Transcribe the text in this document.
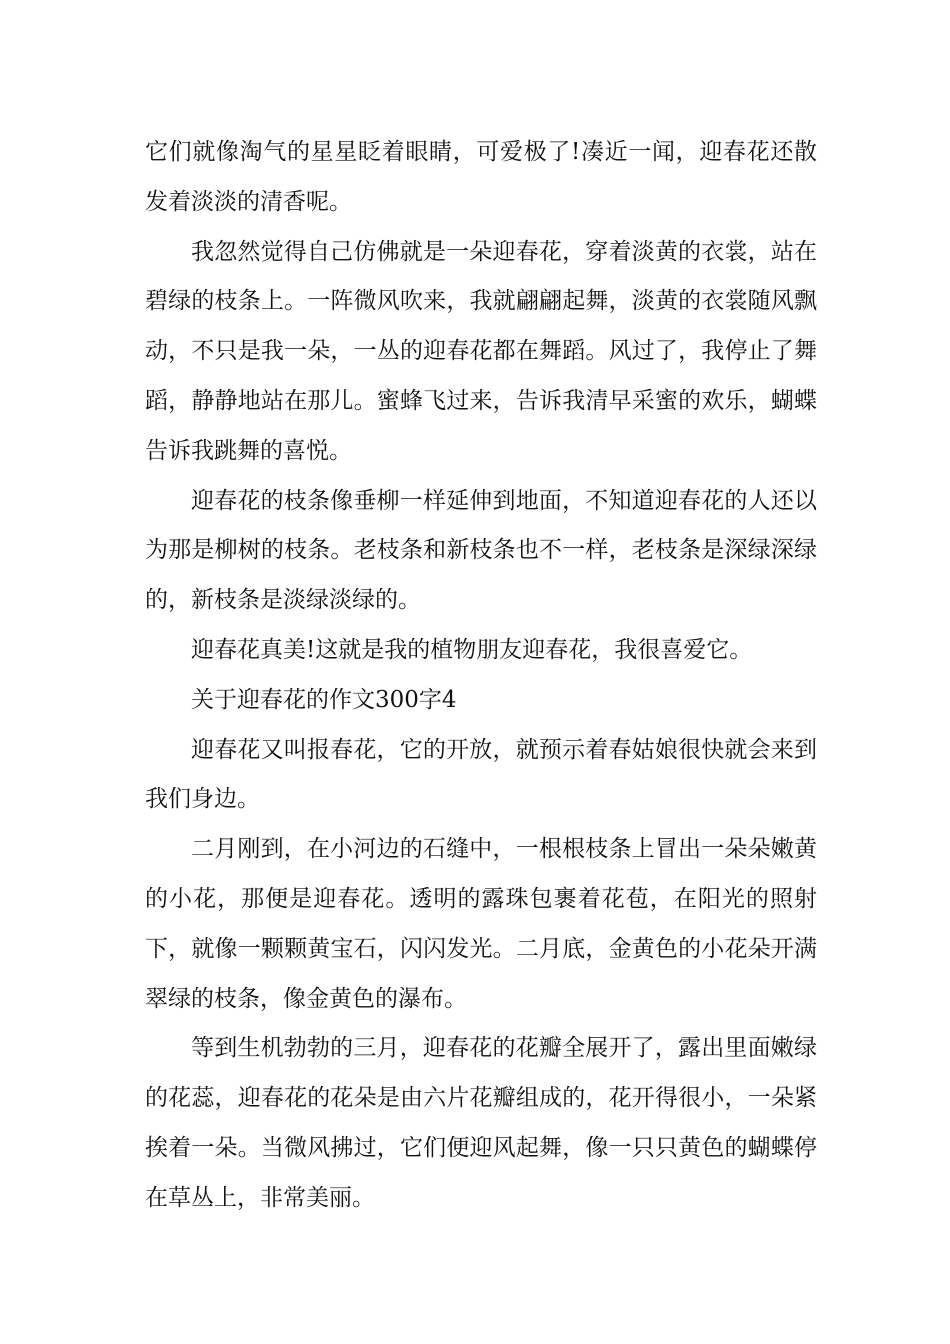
它们就像淘气的星星眨着眼睛，可爱极了!凑近一闻，迎春花还散发着淡淡的清香呢。

我忽然觉得自己仿佛就是一朵迎春花，穿着淡黄的衣裳，站在碧绿的枝条上。一阵微风吹来，我就翩翩起舞，淡黄的衣裳随风飘动，不只是我一朵，一丛的迎春花都在舞蹈。风过了，我停止了舞蹈，静静地站在那儿。蜜蜂飞过来，告诉我清早采蜜的欢乐，蝴蝶告诉我跳舞的喜悦。

迎春花的枝条像垂柳一样延伸到地面，不知道迎春花的人还以为那是柳树的枝条。老枝条和新枝条也不一样，老枝条是深绿深绿的，新枝条是淡绿淡绿的。

迎春花真美!这就是我的植物朋友迎春花，我很喜爱它。

关于迎春花的作文300字4

迎春花又叫报春花，它的开放，就预示着春姑娘很快就会来到我们身边。

二月刚到，在小河边的石缝中，一根根枝条上冒出一朵朵嫩黄的小花，那便是迎春花。透明的露珠包裹着花苞，在阳光的照射下，就像一颗颗黄宝石，闪闪发光。二月底，金黄色的小花朵开满翠绿的枝条，像金黄色的瀑布。

等到生机勃勃的三月，迎春花的花瓣全展开了，露出里面嫩绿的花蕊，迎春花的花朵是由六片花瓣组成的，花开得很小，一朵紧挨着一朵。当微风拂过，它们便迎风起舞，像一只只黄色的蝴蝶停在草丛上，非常美丽。
